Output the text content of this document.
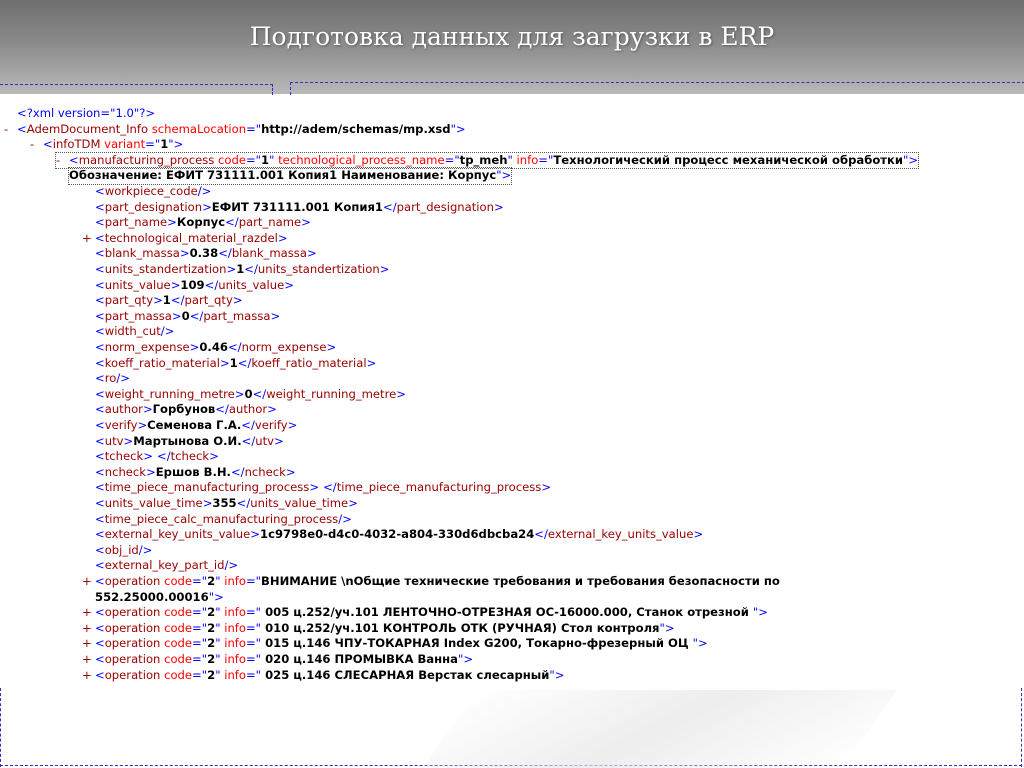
Подготовка данных для загрузки в ERP
<?xml version="1.0"?>
- <AdemDocument_Info schemaLocation="http://adem/schemas/mp.xsd">
- <infoTDM variant="1">
- <manufacturing_process code="1" technological_process_name="tp_meh" info="Технологический процесс механической обработки">
Обозначение: ЕФИТ 731111.001 Копия1 Наименование: Корпус">
<workpiece_code/>
<part_designation>ЕФИТ 731111.001 Копия1</part_designation>
<part_name>Корпус</part_name>
+ <technological_material_razdel>
<blank_massa>0.38</blank_massa>
<units_standertization>1</units_standertization>
<units_value>109</units_value>
<part_qty>1</part_qty>
<part_massa>0</part_massa>
<width_cut/>
<norm_expense>0.46</norm_expense>
<koeff_ratio_material>1</koeff_ratio_material>
<ro/>
<weight_running_metre>0</weight_running_metre>
<author>Горбунов</author>
<verify>Семенова Г.А.</verify>
<utv>Мартынова О.И.</utv>
<tcheck> </tcheck>
<ncheck>Ершов В.Н.</ncheck>
<time_piece_manufacturing_process> </time_piece_manufacturing_process>
<units_value_time>355</units_value_time>
<time_piece_calc_manufacturing_process/>
<external_key_units_value>1c9798e0-d4c0-4032-a804-330d6dbcba24</external_key_units_value>
<obj_id/>
<external_key_part_id/>
+ <operation code="2" info="ВНИМАНИЕ \nОбщие технические требования и требования безопасности по
552.25000.00016">
+ <operation code="2" info=" 005 ц.252/уч.101 ЛЕНТОЧНО-ОТРЕЗНАЯ ОС-16000.000, Станок отрезной ">
+ <operation code="2" info=" 010 ц.252/уч.101 КОНТРОЛЬ ОТК (РУЧНАЯ) Стол контроля">
+ <operation code="2" info=" 015 ц.146 ЧПУ-ТОКАРНАЯ Index G200, Токарно-фрезерный ОЦ ">
+ <operation code="2" info=" 020 ц.146 ПРОМЫВКА Ванна">
+ <operation code="2" info=" 025 ц.146 СЛЕСАРНАЯ Верстак слесарный">
